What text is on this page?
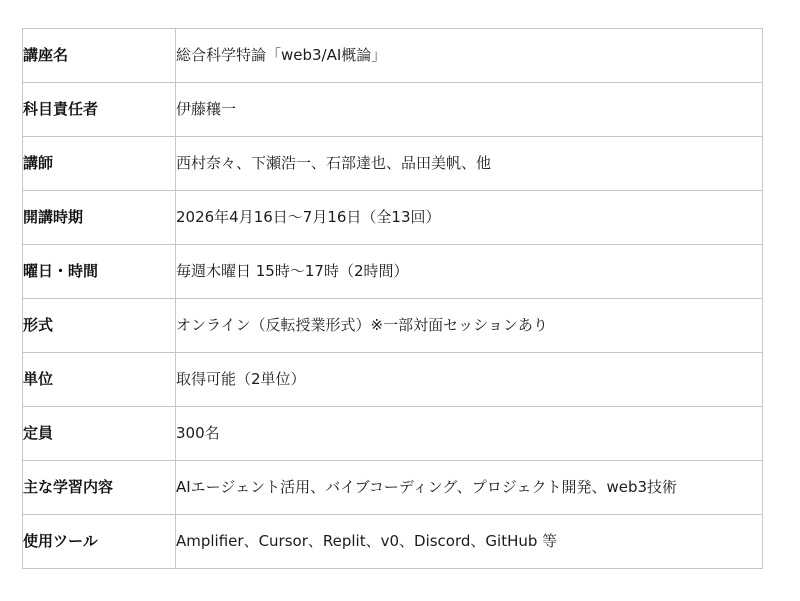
講座名	総合科学特論「web3/AI概論」
科目責任者	伊藤穰一
講師	西村奈々、下瀬浩一、石部達也、品田美帆、他
開講時期	2026年4月16日〜7月16日（全13回）
曜日・時間	毎週木曜日 15時〜17時（2時間）
形式	オンライン（反転授業形式）※一部対面セッションあり
単位	取得可能（2単位）
定員	300名
主な学習内容	AIエージェント活用、バイブコーディング、プロジェクト開発、web3技術
使用ツール	Amplifier、Cursor、Replit、v0、Discord、GitHub 等
